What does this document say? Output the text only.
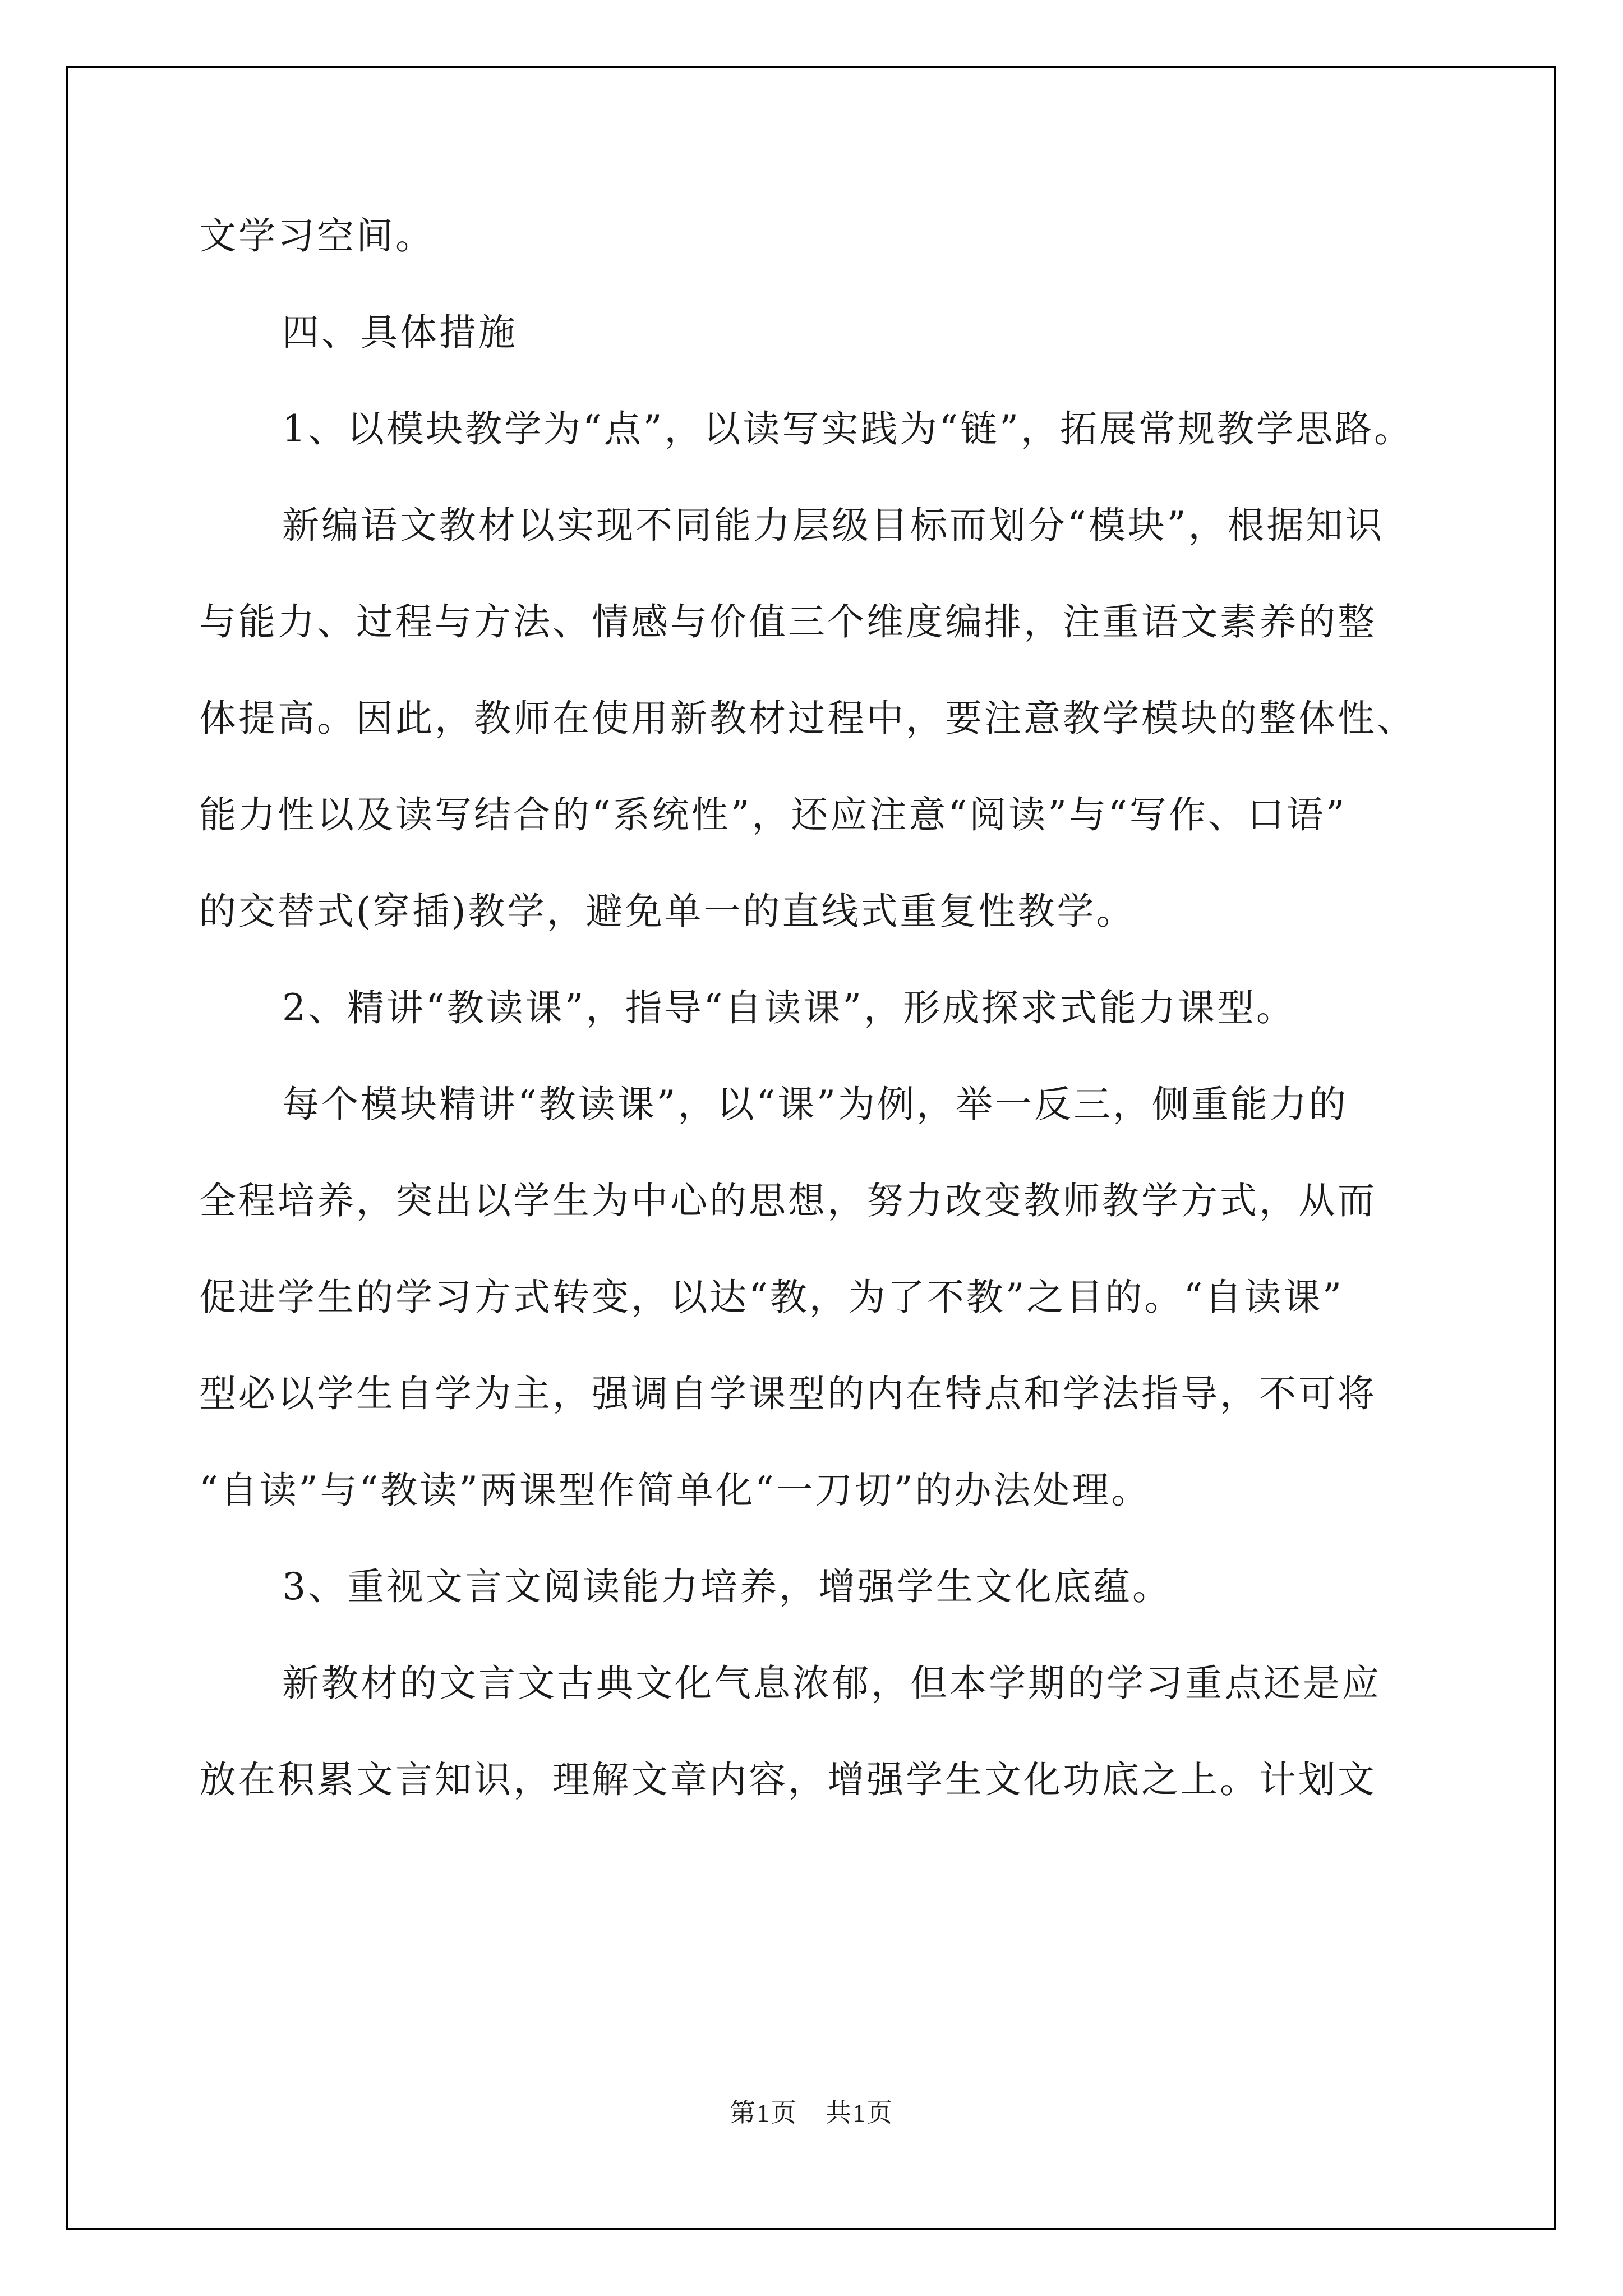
文学习空间。
四、具体措施
1、以模块教学为“点”，以读写实践为“链”，拓展常规教学思路。
新编语文教材以实现不同能力层级目标而划分“模块”，根据知识
与能力、过程与方法、情感与价值三个维度编排，注重语文素养的整
体提高。因此，教师在使用新教材过程中，要注意教学模块的整体性、
能力性以及读写结合的“系统性”，还应注意“阅读”与“写作、口语”
的交替式(穿插)教学，避免单一的直线式重复性教学。
2、精讲“教读课”，指导“自读课”，形成探求式能力课型。
每个模块精讲“教读课”，以“课”为例，举一反三，侧重能力的
全程培养，突出以学生为中心的思想，努力改变教师教学方式，从而
促进学生的学习方式转变，以达“教，为了不教”之目的。“自读课”
型必以学生自学为主，强调自学课型的内在特点和学法指导，不可将
“自读”与“教读”两课型作简单化“一刀切”的办法处理。
3、重视文言文阅读能力培养，增强学生文化底蕴。
新教材的文言文古典文化气息浓郁，但本学期的学习重点还是应
放在积累文言知识，理解文章内容，增强学生文化功底之上。计划文
第1页 共1页
